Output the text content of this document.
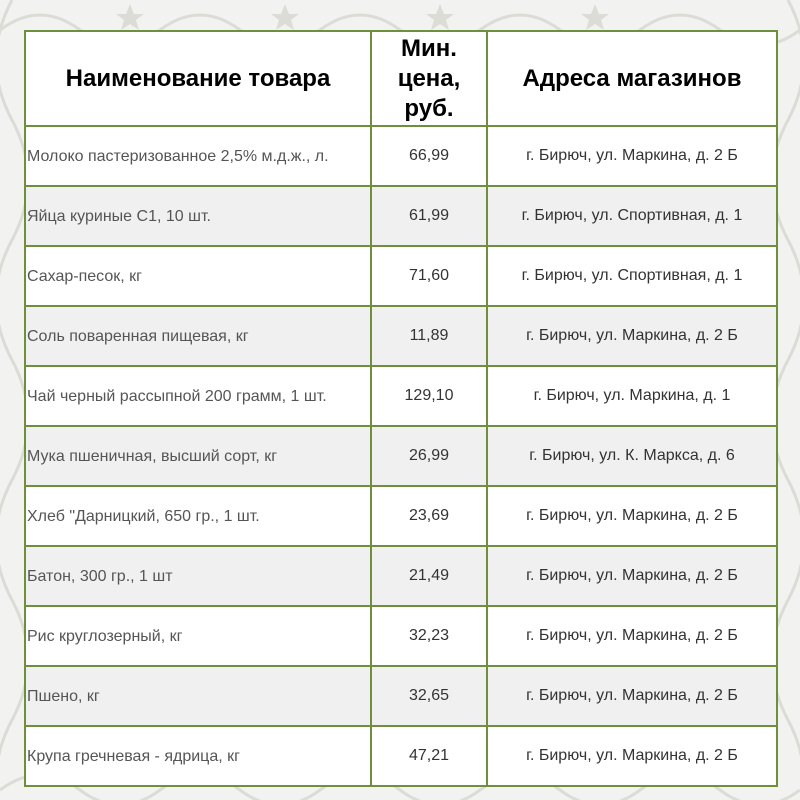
Наименование товара	Мин. цена, руб.	Адреса магазинов
Молоко пастеризованное 2,5% м.д.ж., л.	66,99	г. Бирюч, ул. Маркина, д. 2 Б
Яйца куриные С1, 10 шт.	61,99	г. Бирюч, ул. Спортивная, д. 1
Сахар-песок, кг	71,60	г. Бирюч, ул. Спортивная, д. 1
Соль поваренная пищевая, кг	11,89	г. Бирюч, ул. Маркина, д. 2 Б
Чай черный рассыпной 200 грамм, 1 шт.	129,10	г. Бирюч, ул. Маркина, д. 1
Мука пшеничная, высший сорт, кг	26,99	г. Бирюч, ул. К. Маркса, д. 6
Хлеб "Дарницкий, 650 гр., 1 шт.	23,69	г. Бирюч, ул. Маркина, д. 2 Б
Батон, 300 гр., 1 шт	21,49	г. Бирюч, ул. Маркина, д. 2 Б
Рис круглозерный, кг	32,23	г. Бирюч, ул. Маркина, д. 2 Б
Пшено, кг	32,65	г. Бирюч, ул. Маркина, д. 2 Б
Крупа гречневая - ядрица, кг	47,21	г. Бирюч, ул. Маркина, д. 2 Б
